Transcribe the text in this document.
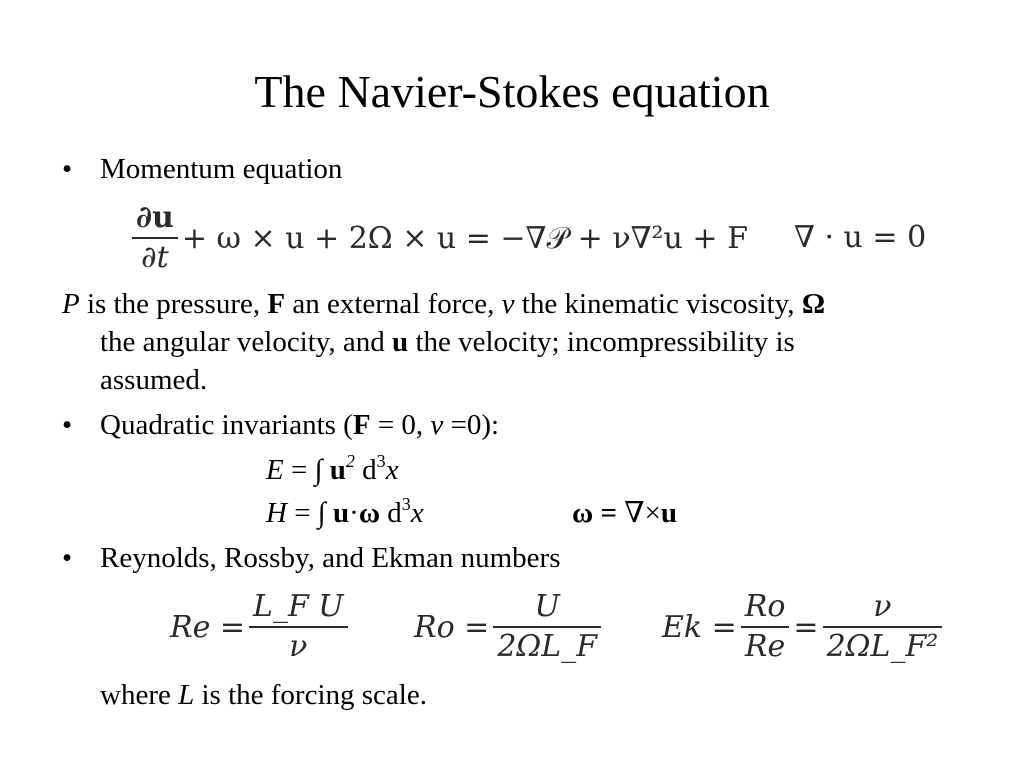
The Navier-Stokes equation
• Momentum equation
$\frac{\partial u}{\partial t} + \omega \times u + 2\Omega \times u$ = −∇𝒫 + ν∇²u + F ∇ · u = 0
P is the pressure, F an external force, ν the kinematic viscosity, Ω
the angular velocity, and u the velocity; incompressibility is
assumed.
• Quadratic invariants (F = 0, ν =0):
E = ∫ $u^2$ $d^3x$
H = ∫ u·ω $d^3x$	ω = ∇×u
• Reynolds, Rossby, and Ekman numbers
$Re = \frac{\text{L\_F U}}{\nu}$ $Ro = \frac{U}{2\Omega L\_F}$ $Ek = \frac{Ro}{Re} = \frac{\nu}{\text{2ΩL\_F²}}$
where L is the forcing scale.
